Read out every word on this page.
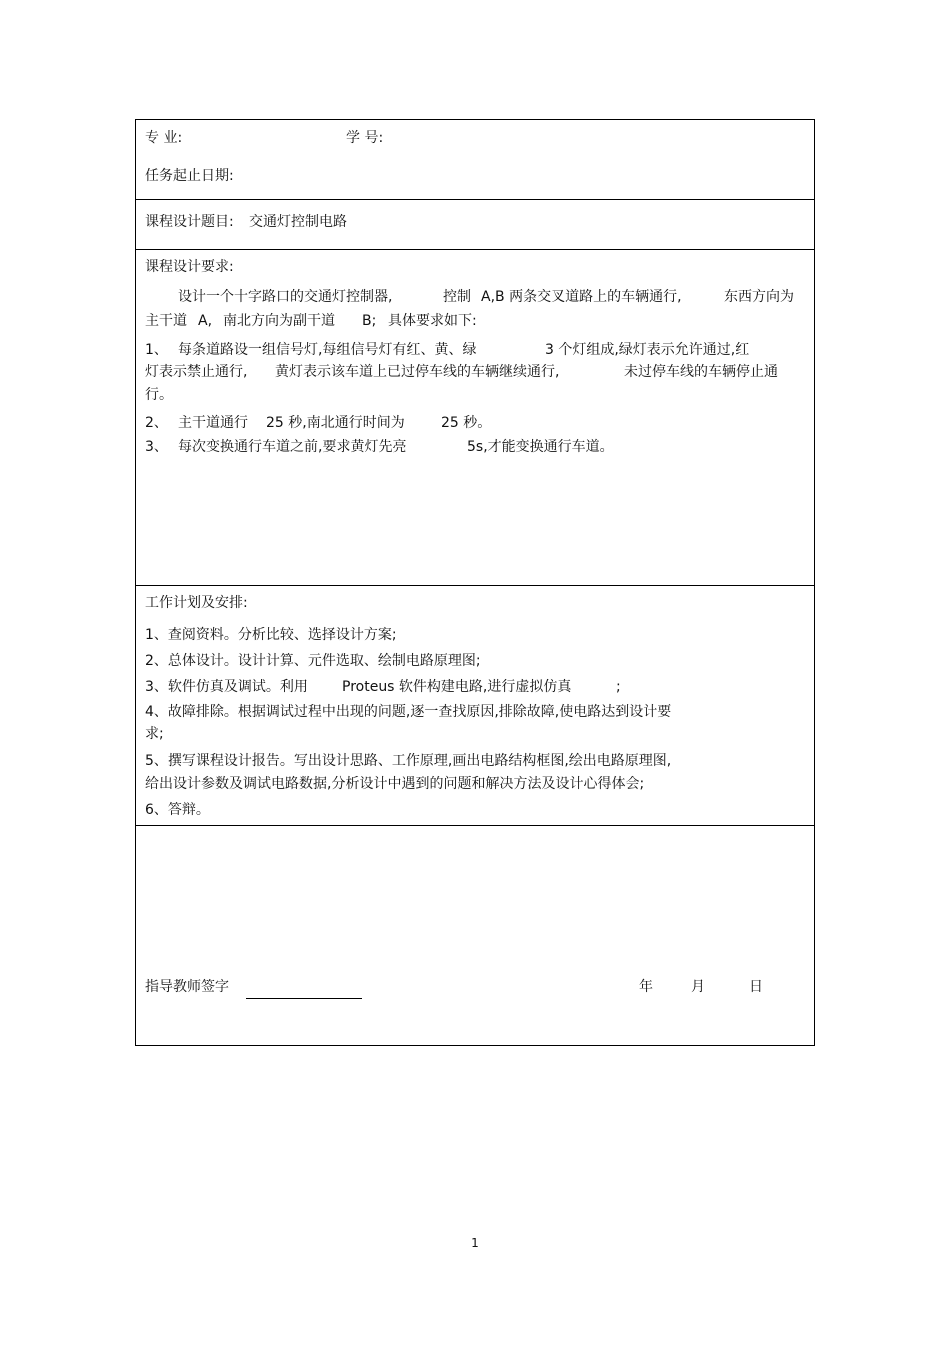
专 业:	学 号:
任务起止日期:
课程设计题目: 交通灯控制电路
课程设计要求:
设计一个十字路口的交通灯控制器,	控制 A,B 两条交叉道路上的车辆通行,	东西方向为
主干道 A, 南北方向为副干道 B; 具体要求如下:
1、 每条道路设一组信号灯,每组信号灯有红、黄、绿	3 个灯组成,绿灯表示允许通过,红
灯表示禁止通行, 黄灯表示该车道上已过停车线的车辆继续通行,	未过停车线的车辆停止通
行。
2、 主干道通行 25 秒,南北通行时间为	25 秒。
3、 每次变换通行车道之前,要求黄灯先亮	5s,才能变换通行车道。
工作计划及安排:
1、查阅资料。分析比较、选择设计方案;
2、总体设计。设计计算、元件选取、绘制电路原理图;
3、软件仿真及调试。利用 Proteus 软件构建电路,进行虚拟仿真	;
4、故障排除。根据调试过程中出现的问题,逐一查找原因,排除故障,使电路达到设计要
求;
5、撰写课程设计报告。写出设计思路、工作原理,画出电路结构框图,绘出电路原理图,
给出设计参数及调试电路数据,分析设计中遇到的问题和解决方法及设计心得体会;
6、答辩。
指导教师签字	年	月	日
1
